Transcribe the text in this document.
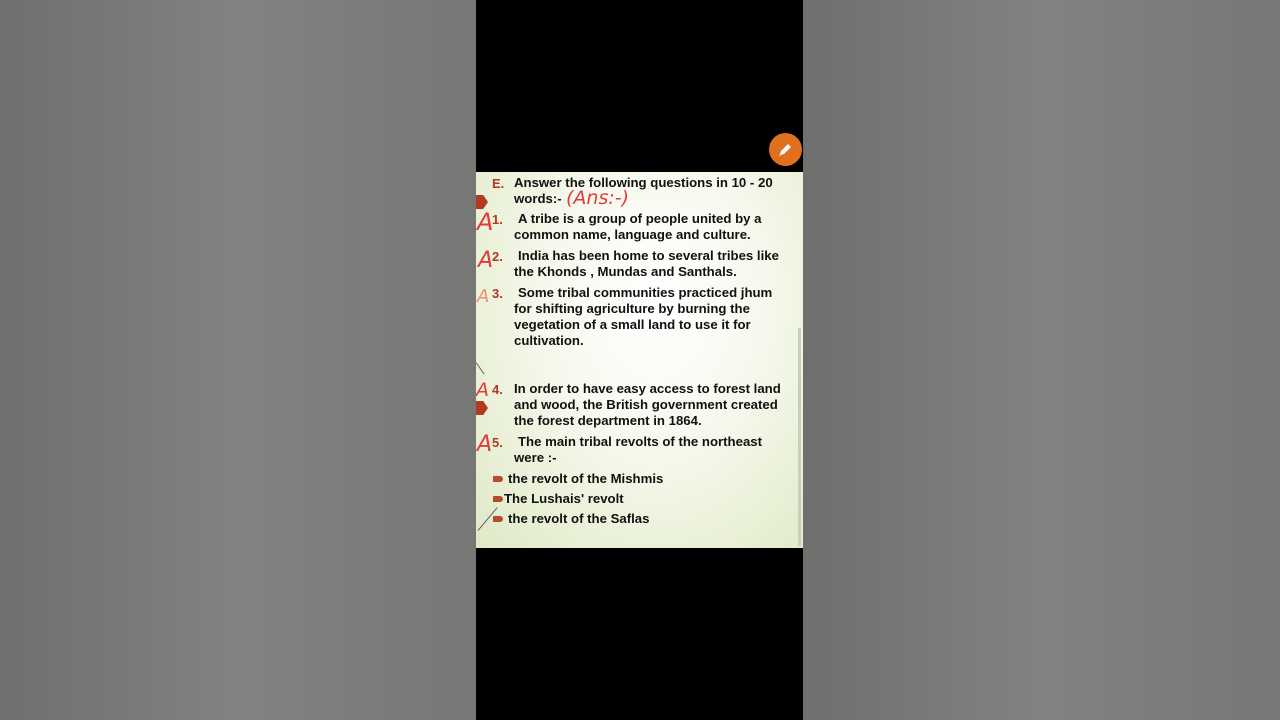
E. Answer the following questions in 10 - 20
words:- (Ans:-)
A
1. A tribe is a group of people united by a
common name, language and culture.
A
2. India has been home to several tribes like
the Khonds , Mundas and Santhals.
A 3. Some tribal communities practiced jhum
for shifting agriculture by burning the
vegetation of a small land to use it for
cultivation.
A 4. In order to have easy access to forest land
and wood, the British government created
the forest department in 1864.
A 5. The main tribal revolts of the northeast
were :-
the revolt of the Mishmis
The Lushais' revolt
the revolt of the Saflas
